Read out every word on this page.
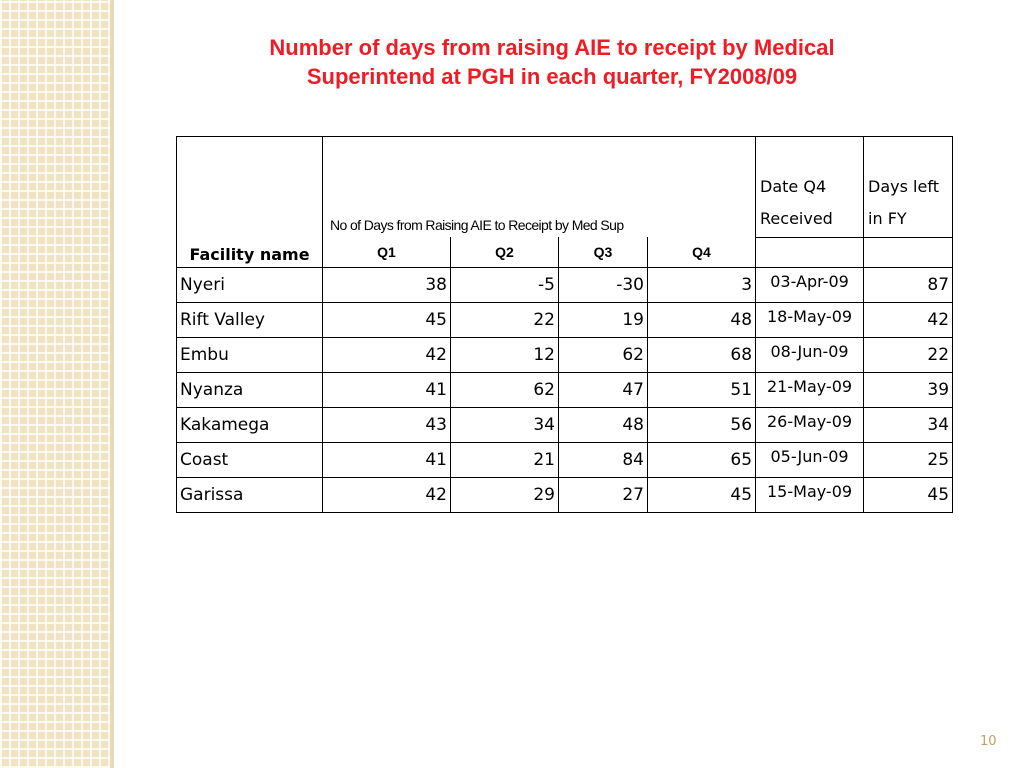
Number of days from raising AIE to receipt by Medical
Superintend at PGH in each quarter, FY2008/09
Facility name	No of Days from Raising AIE to Receipt by Med Sup				Date Q4 Received	Days left in FY
	Q1	Q2	Q3	Q4		
Nyeri	38	-5	-30	3	03-Apr-09	87
Rift Valley	45	22	19	48	18-May-09	42
Embu	42	12	62	68	08-Jun-09	22
Nyanza	41	62	47	51	21-May-09	39
Kakamega	43	34	48	56	26-May-09	34
Coast	41	21	84	65	05-Jun-09	25
Garissa	42	29	27	45	15-May-09	45
10
